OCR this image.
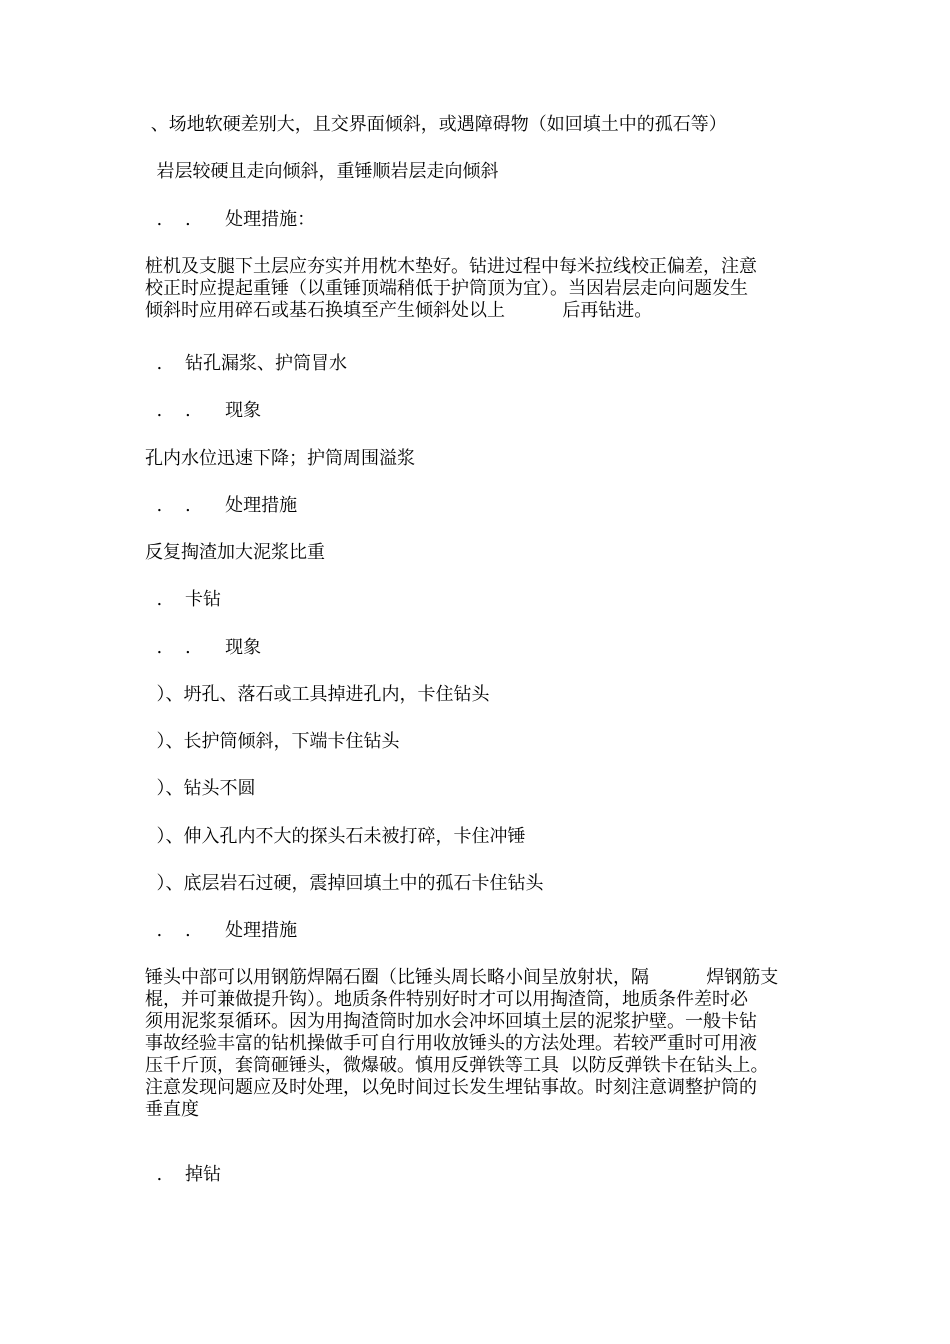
、场地软硬差别大，且交界面倾斜，或遇障碍物（如回填土中的孤石等）
岩层较硬且走向倾斜，重锤顺岩层走向倾斜
.    .      处理措施：
桩机及支腿下土层应夯实并用枕木垫好。钻进过程中每米拉线校正偏差，注意
校正时应提起重锤（以重锤顶端稍低于护筒顶为宜）。当因岩层走向问题发生
倾斜时应用碎石或基石换填至产生倾斜处以上          后再钻进。
.    钻孔漏浆、护筒冒水
.    .      现象
孔内水位迅速下降；护筒周围溢浆
.    .      处理措施
反复掏渣加大泥浆比重
.    卡钻
.    .      现象
）、坍孔、落石或工具掉进孔内，卡住钻头
）、长护筒倾斜，下端卡住钻头
）、钻头不圆
）、伸入孔内不大的探头石未被打碎，卡住冲锤
）、底层岩石过硬，震掉回填土中的孤石卡住钻头
.    .      处理措施
锤头中部可以用钢筋焊隔石圈（比锤头周长略小间呈放射状，隔          焊钢筋支
棍，并可兼做提升钩）。地质条件特别好时才可以用掏渣筒，地质条件差时必
须用泥浆泵循环。因为用掏渣筒时加水会冲坏回填土层的泥浆护壁。一般卡钻
事故经验丰富的钻机操做手可自行用收放锤头的方法处理。若较严重时可用液
压千斤顶，套筒砸锤头，微爆破。慎用反弹铁等工具  以防反弹铁卡在钻头上。
注意发现问题应及时处理，以免时间过长发生埋钻事故。时刻注意调整护筒的
垂直度
.    掉钻
